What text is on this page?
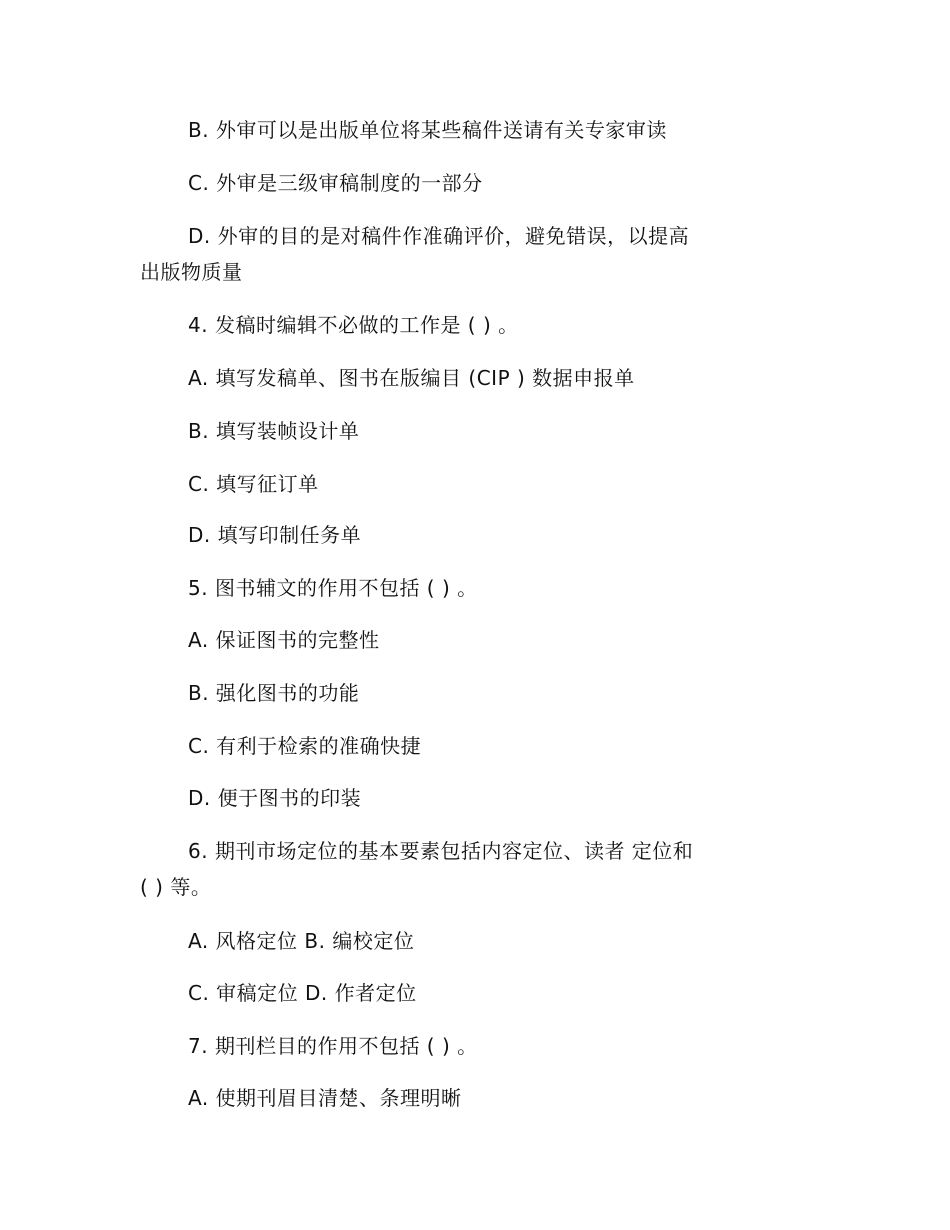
B. 外审可以是出版单位将某些稿件送请有关专家审读
C. 外审是三级审稿制度的一部分
D. 外审的目的是对稿件作准确评价，避免错误，以提高
出版物质量
4. 发稿时编辑不必做的工作是 ( ) 。
A. 填写发稿单、图书在版编目 (CIP ) 数据申报单
B. 填写装帧设计单
C. 填写征订单
D. 填写印制任务单
5. 图书辅文的作用不包括 ( ) 。
A. 保证图书的完整性
B. 强化图书的功能
C. 有利于检索的准确快捷
D. 便于图书的印装
6. 期刊市场定位的基本要素包括内容定位、读者 定位和
( ) 等。
A. 风格定位 B. 编校定位
C. 审稿定位 D. 作者定位
7. 期刊栏目的作用不包括 ( ) 。
A. 使期刊眉目清楚、条理明晰
